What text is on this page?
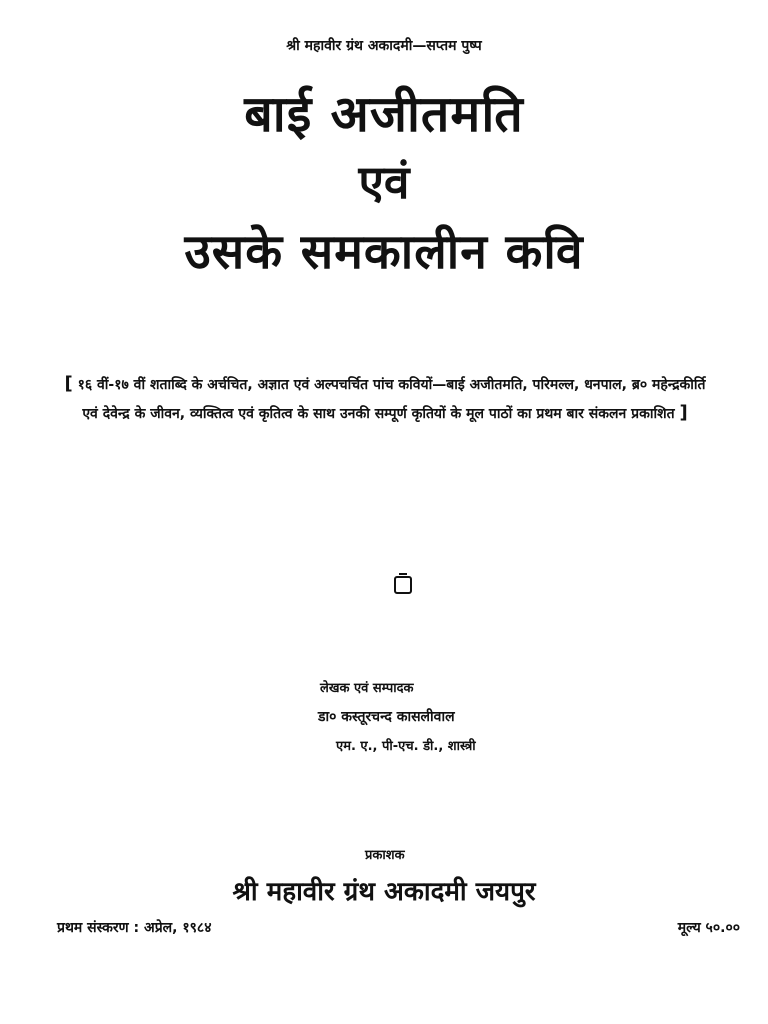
श्री महावीर ग्रंथ अकादमी—सप्तम पुष्प
बाई अजीतमति
एवं
उसके समकालीन कवि
[ १६ वीं-१७ वीं शताब्दि के अर्चचित, अज्ञात एवं अल्पचर्चित पांच कवियों—बाई अजीतमति, परिमल्ल, धनपाल, ब्र० महेन्द्रकीर्ति एवं देवेन्द्र के जीवन, व्यक्तित्व एवं कृतित्व के साथ उनकी सम्पूर्ण कृतियों के मूल पाठों का प्रथम बार संकलन प्रकाशित ]
लेखक एवं सम्पादक
डा० कस्तूरचन्द कासलीवाल
एम. ए., पी-एच. डी., शास्त्री
प्रकाशक
श्री महावीर ग्रंथ अकादमी जयपुर
प्रथम संस्करण : अप्रेल, १९८४	मूल्य ५०.००
